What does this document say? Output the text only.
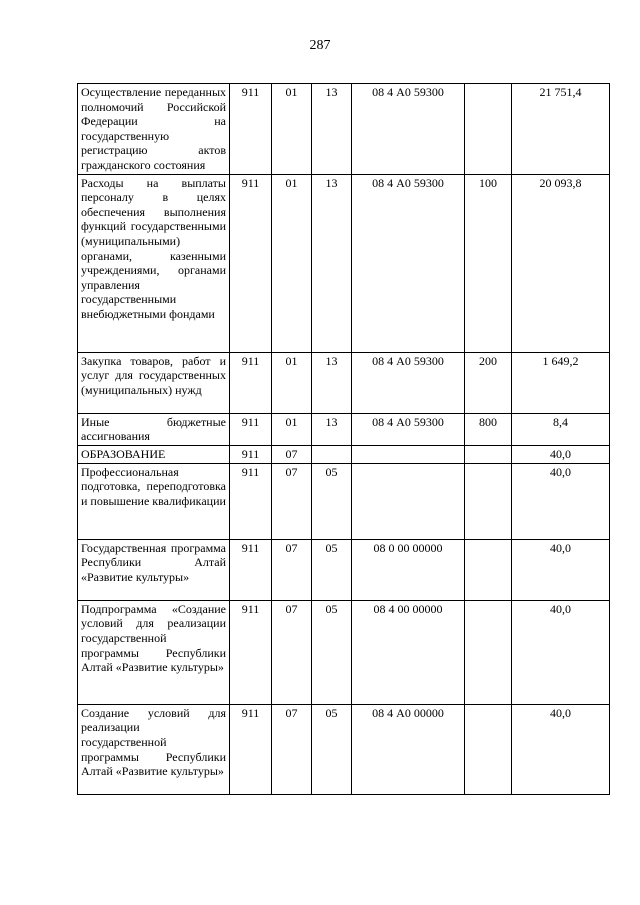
287
Осуществление переданных полномочий Российской Федерации на государственную регистрацию актов гражданского состояния	911	01	13	08 4 А0 59300		21 751,4
Расходы на выплаты персоналу в целях обеспечения выполнения функций государственными (муниципальными) органами, казенными учреждениями, органами управления государственными внебюджетными фондами	911	01	13	08 4 А0 59300	100	20 093,8
Закупка товаров, работ и услуг для государственных (муниципальных) нужд	911	01	13	08 4 А0 59300	200	1 649,2
Иные бюджетные ассигнования	911	01	13	08 4 А0 59300	800	8,4
ОБРАЗОВАНИЕ	911	07				40,0
Профессиональная подготовка, переподготовка и повышение квалификации	911	07	05			40,0
Государственная программа Республики Алтай «Развитие культуры»	911	07	05	08 0 00 00000		40,0
Подпрограмма «Создание условий для реализации государственной программы Республики Алтай «Развитие культуры»	911	07	05	08 4 00 00000		40,0
Создание условий для реализации государственной программы Республики Алтай «Развитие культуры»	911	07	05	08 4 А0 00000		40,0
